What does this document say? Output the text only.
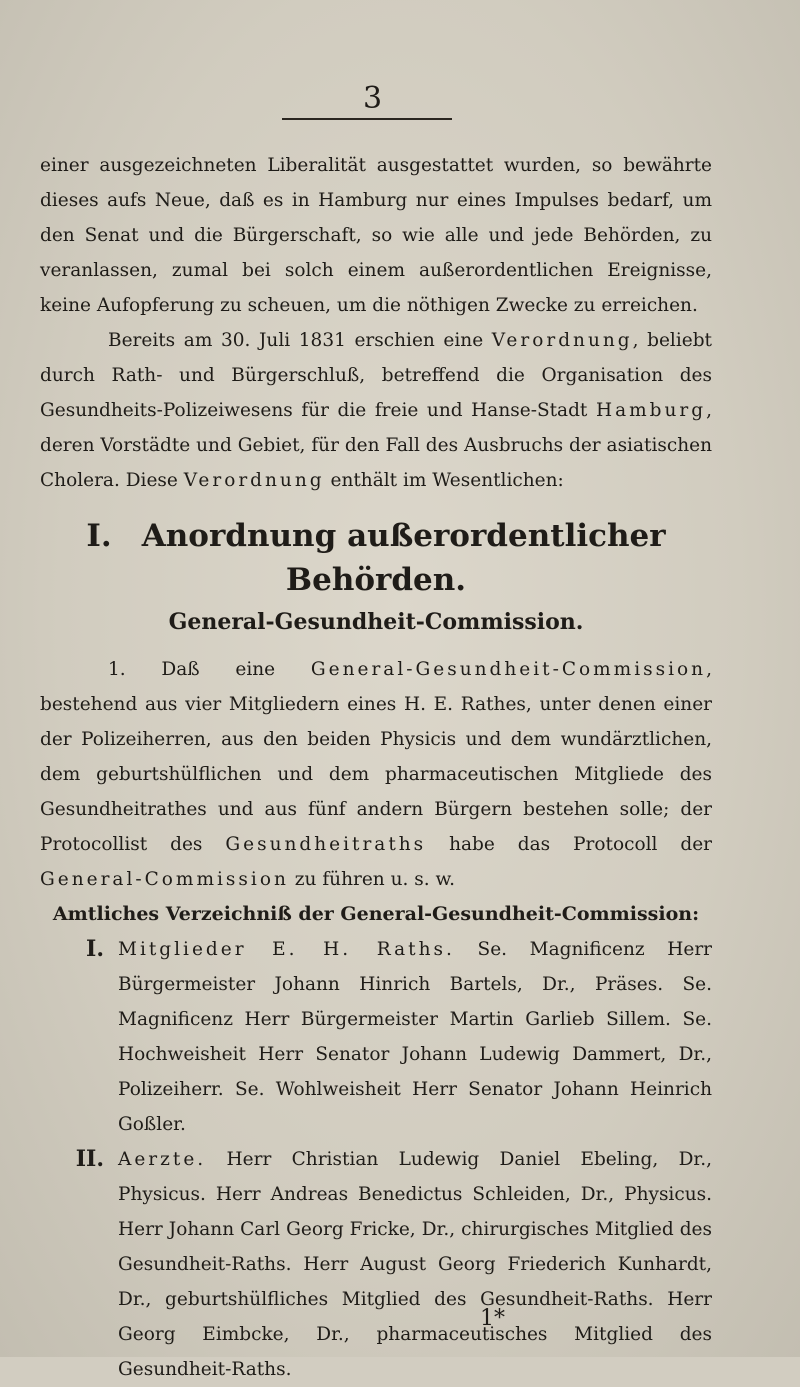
3

einer ausgezeichneten Liberalität ausgestattet wurden, so bewährte dieses aufs Neue, daß es in Hamburg nur eines Impulses bedarf, um den Senat und die Bürgerschaft, so wie alle und jede Behörden, zu veranlassen, zumal bei solch einem außerordentlichen Ereignisse, keine Aufopferung zu scheuen, um die nöthigen Zwecke zu erreichen.

Bereits am 30. Juli 1831 erschien eine Verordnung, beliebt durch Rath- und Bürgerschluß, betreffend die Organisation des Gesundheits-Polizeiwesens für die freie und Hanse-Stadt Hamburg, deren Vorstädte und Gebiet, für den Fall des Ausbruchs der asiatischen Cholera. Diese Verordnung enthält im Wesentlichen:

I. Anordnung außerordentlicher Behörden.
General-Gesundheit-Commission.

1. Daß eine General-Gesundheit-Commission, bestehend aus vier Mitgliedern eines H. E. Rathes, unter denen einer der Polizeiherren, aus den beiden Physicis und dem wundärztlichen, dem geburtshülflichen und dem pharmaceutischen Mitgliede des Gesundheitrathes und aus fünf andern Bürgern bestehen solle; der Protocollist des Gesundheitraths habe das Protocoll der General-Commission zu führen u. s. w.

Amtliches Verzeichniß der General-Gesundheit-Commission:
I. Mitglieder E. H. Raths. Se. Magnificenz Herr Bürgermeister Johann Hinrich Bartels, Dr., Präses. Se. Magnificenz Herr Bürgermeister Martin Garlieb Sillem. Se. Hochweisheit Herr Senator Johann Ludewig Dammert, Dr., Polizeiherr. Se. Wohlweisheit Herr Senator Johann Heinrich Goßler.
II. Aerzte. Herr Christian Ludewig Daniel Ebeling, Dr., Physicus. Herr Andreas Benedictus Schleiden, Dr., Physicus. Herr Johann Carl Georg Fricke, Dr., chirurgisches Mitglied des Gesundheit-Raths. Herr August Georg Friederich Kunhardt, Dr., geburtshülfliches Mitglied des Gesundheit-Raths. Herr Georg Eimbcke, Dr., pharmaceutisches Mitglied des Gesundheit-Raths.
1*
